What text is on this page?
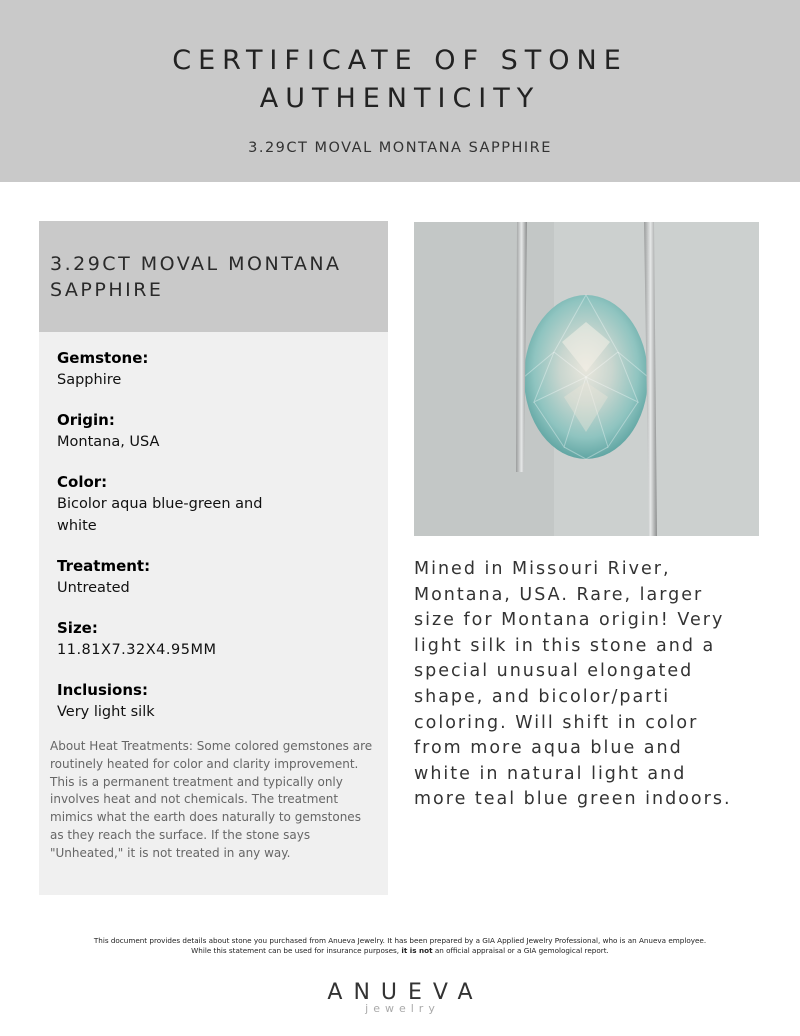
CERTIFICATE OF STONE
AUTHENTICITY
3.29CT MOVAL MONTANA SAPPHIRE
3.29CT MOVAL MONTANA
SAPPHIRE
Gemstone:
Sapphire
Origin:
Montana, USA
Color:
Bicolor aqua blue-green and white
Treatment:
Untreated
Size:
11.81X7.32X4.95MM
Inclusions:
Very light silk
About Heat Treatments: Some colored gemstones are routinely heated for color and clarity improvement. This is a permanent treatment and typically only involves heat and not chemicals. The treatment mimics what the earth does naturally to gemstones as they reach the surface. If the stone says "Unheated," it is not treated in any way.
Mined in Missouri River, Montana, USA. Rare, larger size for Montana origin! Very light silk in this stone and a special unusual elongated shape, and bicolor/parti coloring. Will shift in color from more aqua blue and white in natural light and more teal blue green indoors.
This document provides details about stone you purchased from Anueva Jewelry. It has been prepared by a GIA Applied Jewelry Professional, who is an Anueva employee.
While this statement can be used for insurance purposes, it is not an official appraisal or a GIA gemological report.
ANUEVA
jewelry
